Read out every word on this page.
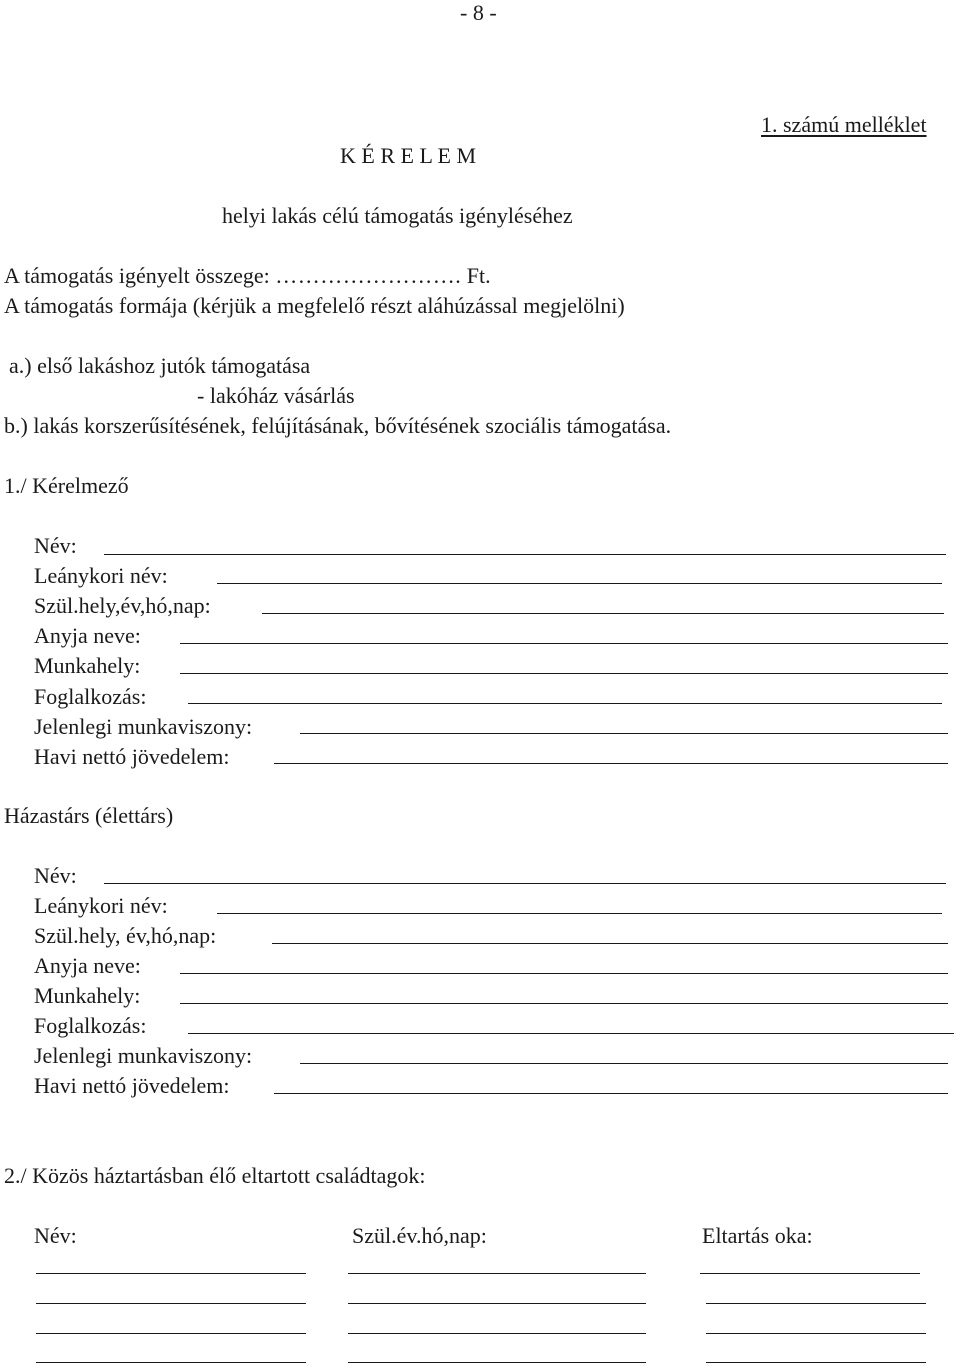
- 8 -
1. számú melléklet
K É R E L E M
helyi lakás célú támogatás igényléséhez
A támogatás igényelt összege: ……………………. Ft.
A támogatás formája (kérjük a megfelelő részt aláhúzással megjelölni)
a.) első lakáshoz jutók támogatása
- lakóház vásárlás
b.) lakás korszerűsítésének, felújításának, bővítésének szociális támogatása.
1./ Kérelmező
Név:
Leánykori név:
Szül.hely,év,hó,nap:
Anyja neve:
Munkahely:
Foglalkozás:
Jelenlegi munkaviszony:
Havi nettó jövedelem:
Házastárs (élettárs)
Név:
Leánykori név:
Szül.hely, év,hó,nap:
Anyja neve:
Munkahely:
Foglalkozás:
Jelenlegi munkaviszony:
Havi nettó jövedelem:
2./ Közös háztartásban élő eltartott családtagok:
Név:	Szül.év.hó,nap:	Eltartás oka:
